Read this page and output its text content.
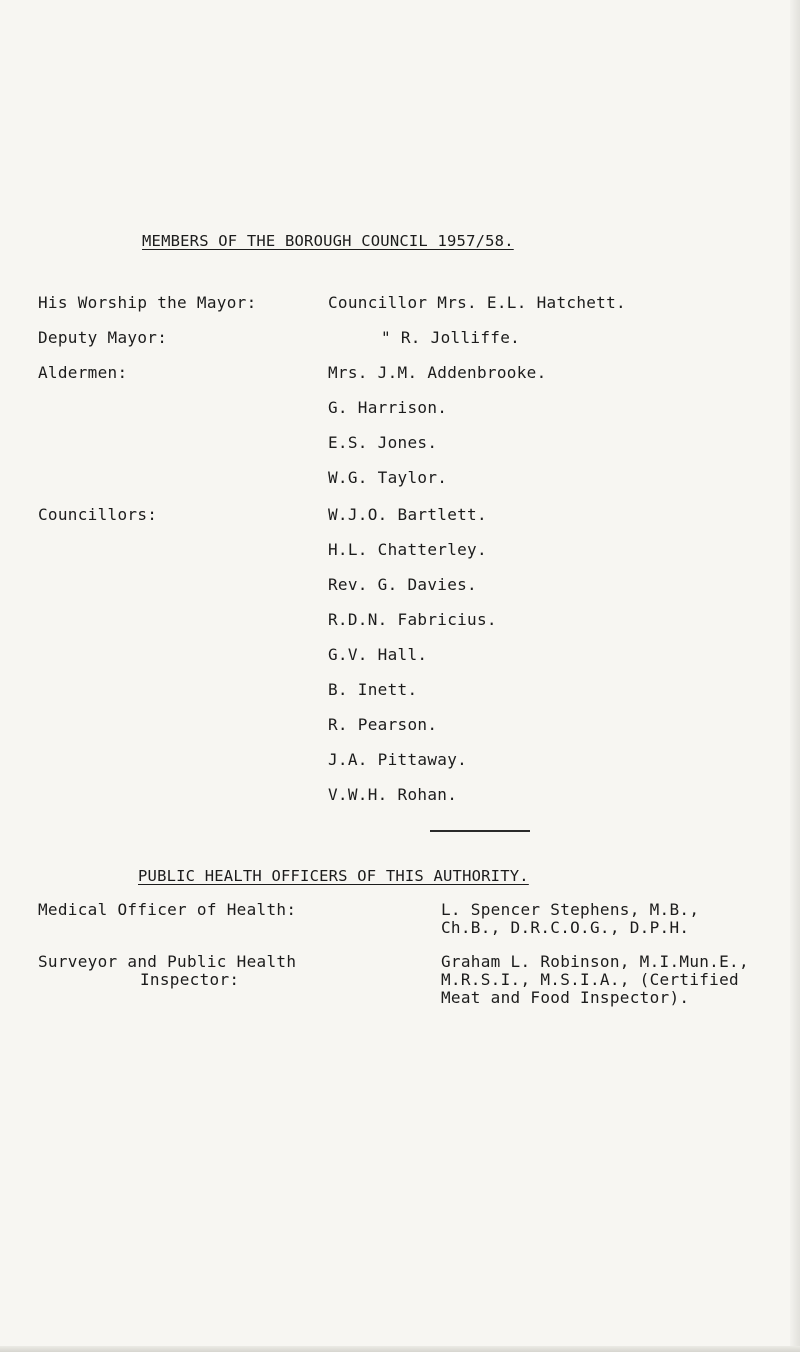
MEMBERS OF THE BOROUGH COUNCIL 1957/58.
His Worship the Mayor:	Councillor Mrs. E.L. Hatchett.
Deputy Mayor:	" R. Jolliffe.
Aldermen:	Mrs. J.M. Addenbrooke.
G. Harrison.
E.S. Jones.
W.G. Taylor.
Councillors:	W.J.O. Bartlett.
H.L. Chatterley.
Rev. G. Davies.
R.D.N. Fabricius.
G.V. Hall.
B. Inett.
R. Pearson.
J.A. Pittaway.
V.W.H. Rohan.
PUBLIC HEALTH OFFICERS OF THIS AUTHORITY.
Medical Officer of Health:	L. Spencer Stephens, M.B.,
Ch.B., D.R.C.O.G., D.P.H.
Surveyor and Public Health
Inspector:
Graham L. Robinson, M.I.Mun.E.,
M.R.S.I., M.S.I.A., (Certified
Meat and Food Inspector).
